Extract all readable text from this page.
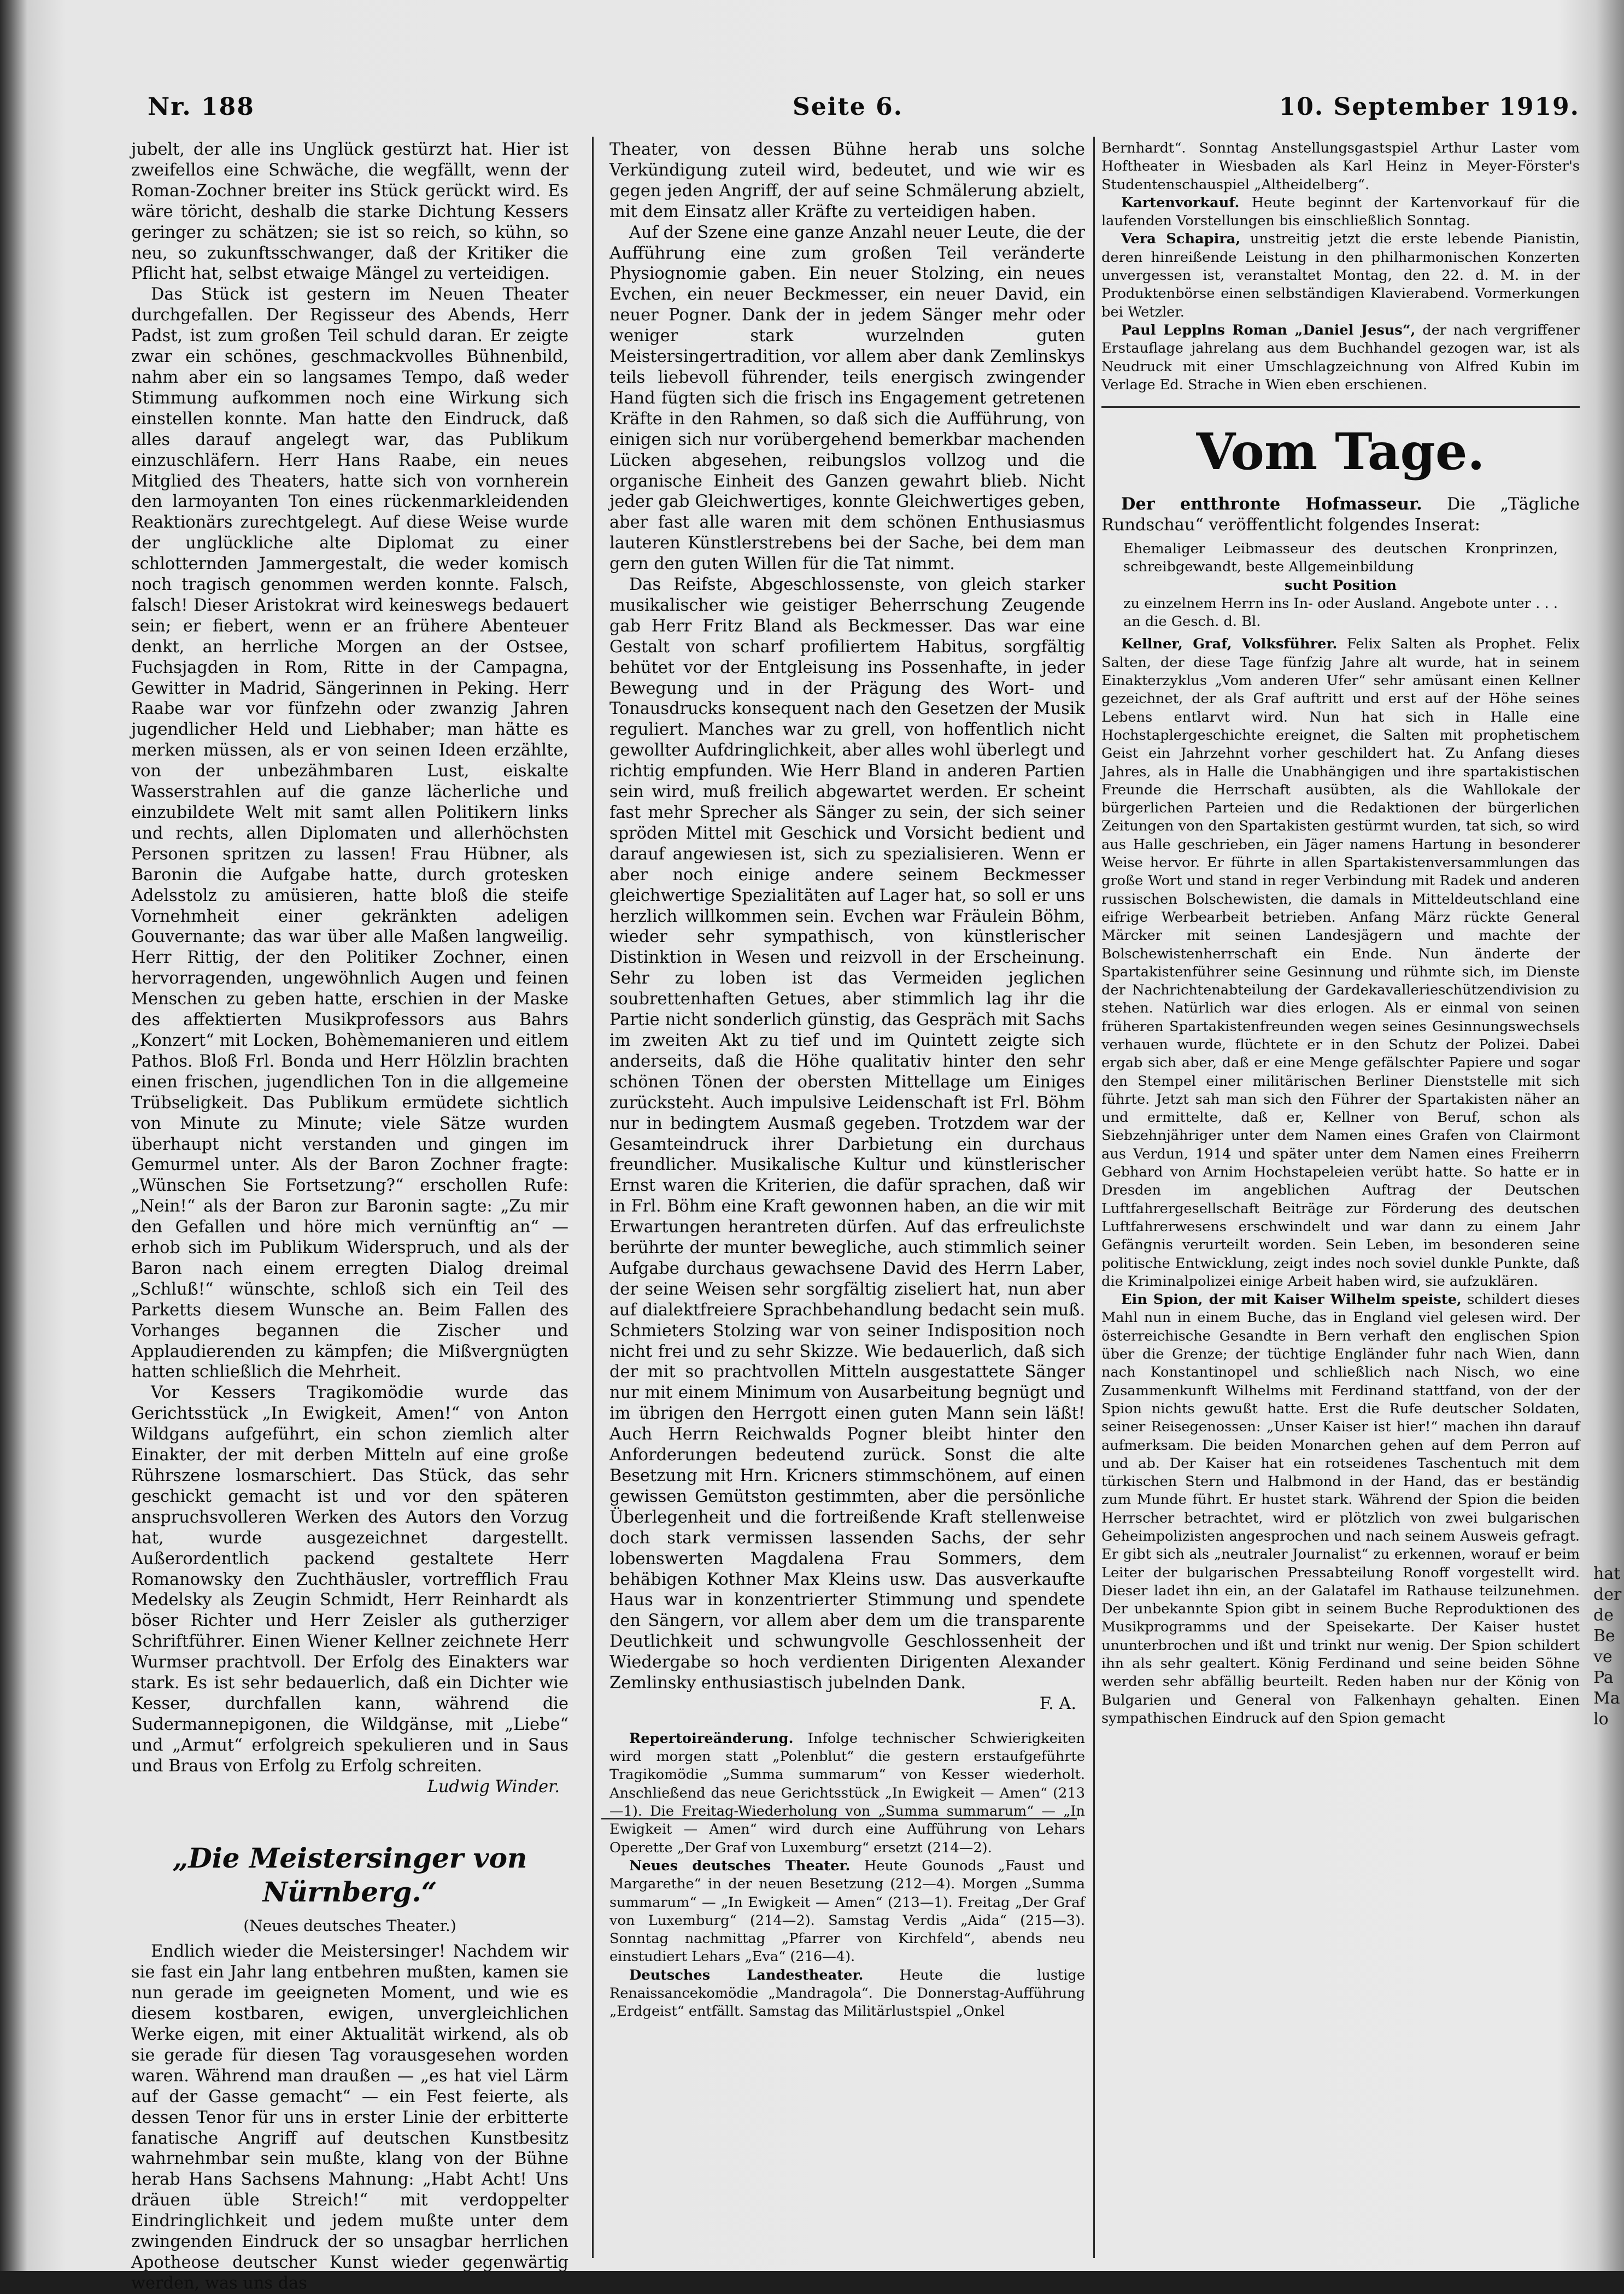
Nr. 188	Seite 6.	10. September 1919.

jubelt, der alle ins Unglück gestürzt hat. Hier ist zweifellos eine Schwäche, die wegfällt, wenn der Roman-Zochner breiter ins Stück gerückt wird. Es wäre töricht, deshalb die starke Dichtung Kessers geringer zu schätzen; sie ist so reich, so kühn, so neu, so zukunftsschwanger, daß der Kritiker die Pflicht hat, selbst etwaige Mängel zu verteidigen.

Das Stück ist gestern im Neuen Theater durchgefallen. Der Regisseur des Abends, Herr Padst, ist zum großen Teil schuld daran. Er zeigte zwar ein schönes, geschmackvolles Bühnenbild, nahm aber ein so langsames Tempo, daß weder Stimmung aufkommen noch eine Wirkung sich einstellen konnte. Man hatte den Eindruck, daß alles darauf angelegt war, das Publikum einzuschläfern. Herr Hans Raabe, ein neues Mitglied des Theaters, hatte sich von vornherein den larmoyanten Ton eines rückenmarkleidenden Reaktionärs zurechtgelegt. Auf diese Weise wurde der unglückliche alte Diplomat zu einer schlotternden Jammergestalt, die weder komisch noch tragisch genommen werden konnte. Falsch, falsch! Dieser Aristokrat wird keineswegs bedauert sein; er fiebert, wenn er an frühere Abenteuer denkt, an herrliche Morgen an der Ostsee, Fuchsjagden in Rom, Ritte in der Campagna, Gewitter in Madrid, Sängerinnen in Peking. Herr Raabe war vor fünfzehn oder zwanzig Jahren jugendlicher Held und Liebhaber; man hätte es merken müssen, als er von seinen Ideen erzählte, von der unbezähmbaren Lust, eiskalte Wasserstrahlen auf die ganze lächerliche und einzubildete Welt mit samt allen Politikern links und rechts, allen Diplomaten und allerhöchsten Personen spritzen zu lassen! Frau Hübner, als Baronin die Aufgabe hatte, durch grotesken Adelsstolz zu amüsieren, hatte bloß die steife Vornehmheit einer gekränkten adeligen Gouvernante; das war über alle Maßen langweilig. Herr Rittig, der den Politiker Zochner, einen hervorragenden, ungewöhnlich Augen und feinen Menschen zu geben hatte, erschien in der Maske des affektierten Musikprofessors aus Bahrs „Konzert“ mit Locken, Bohèmemanieren und eitlem Pathos. Bloß Frl. Bonda und Herr Hölzlin brachten einen frischen, jugendlichen Ton in die allgemeine Trübseligkeit. Das Publikum ermüdete sichtlich von Minute zu Minute; viele Sätze wurden überhaupt nicht verstanden und gingen im Gemurmel unter. Als der Baron Zochner fragte: „Wünschen Sie Fortsetzung?“ erschollen Rufe: „Nein!“ als der Baron zur Baronin sagte: „Zu mir den Gefallen und höre mich vernünftig an“ — erhob sich im Publikum Widerspruch, und als der Baron nach einem erregten Dialog dreimal „Schluß!“ wünschte, schloß sich ein Teil des Parketts diesem Wunsche an. Beim Fallen des Vorhanges begannen die Zischer und Applaudierenden zu kämpfen; die Mißvergnügten hatten schließlich die Mehrheit.

Vor Kessers Tragikomödie wurde das Gerichtsstück „In Ewigkeit, Amen!“ von Anton Wildgans aufgeführt, ein schon ziemlich alter Einakter, der mit derben Mitteln auf eine große Rührszene losmarschiert. Das Stück, das sehr geschickt gemacht ist und vor den späteren anspruchsvolleren Werken des Autors den Vorzug hat, wurde ausgezeichnet dargestellt. Außerordentlich packend gestaltete Herr Romanowsky den Zuchthäusler, vortrefflich Frau Medelsky als Zeugin Schmidt, Herr Reinhardt als böser Richter und Herr Zeisler als gutherziger Schriftführer. Einen Wiener Kellner zeichnete Herr Wurmser prachtvoll. Der Erfolg des Einakters war stark. Es ist sehr bedauerlich, daß ein Dichter wie Kesser, durchfallen kann, während die Sudermannepigonen, die Wildgänse, mit „Liebe“ und „Armut“ erfolgreich spekulieren und in Saus und Braus von Erfolg zu Erfolg schreiten.

Ludwig Winder.

„Die Meistersinger von Nürnberg.“
(Neues deutsches Theater.)

Endlich wieder die Meistersinger! Nachdem wir sie fast ein Jahr lang entbehren mußten, kamen sie nun gerade im geeigneten Moment, und wie es diesem kostbaren, ewigen, unvergleichlichen Werke eigen, mit einer Aktualität wirkend, als ob sie gerade für diesen Tag vorausgesehen worden waren. Während man draußen — „es hat viel Lärm auf der Gasse gemacht“ — ein Fest feierte, als dessen Tenor für uns in erster Linie der erbitterte fanatische Angriff auf deutschen Kunstbesitz wahrnehmbar sein mußte, klang von der Bühne herab Hans Sachsens Mahnung: „Habt Acht! Uns dräuen üble Streich!“ mit verdoppelter Eindringlichkeit und jedem mußte unter dem zwingenden Eindruck der so unsagbar herrlichen Apotheose deutscher Kunst wieder gegenwärtig werden, was uns das

Theater, von dessen Bühne herab uns solche Verkündigung zuteil wird, bedeutet, und wie wir es gegen jeden Angriff, der auf seine Schmälerung abzielt, mit dem Einsatz aller Kräfte zu verteidigen haben.

Auf der Szene eine ganze Anzahl neuer Leute, die der Aufführung eine zum großen Teil veränderte Physiognomie gaben. Ein neuer Stolzing, ein neues Evchen, ein neuer Beckmesser, ein neuer David, ein neuer Pogner. Dank der in jedem Sänger mehr oder weniger stark wurzelnden guten Meistersingertradition, vor allem aber dank Zemlinskys teils liebevoll führender, teils energisch zwingender Hand fügten sich die frisch ins Engagement getretenen Kräfte in den Rahmen, so daß sich die Aufführung, von einigen sich nur vorübergehend bemerkbar machenden Lücken abgesehen, reibungslos vollzog und die organische Einheit des Ganzen gewahrt blieb. Nicht jeder gab Gleichwertiges, konnte Gleichwertiges geben, aber fast alle waren mit dem schönen Enthusiasmus lauteren Künstlerstrebens bei der Sache, bei dem man gern den guten Willen für die Tat nimmt.

Das Reifste, Abgeschlossenste, von gleich starker musikalischer wie geistiger Beherrschung Zeugende gab Herr Fritz Bland als Beckmesser. Das war eine Gestalt von scharf profiliertem Habitus, sorgfältig behütet vor der Entgleisung ins Possenhafte, in jeder Bewegung und in der Prägung des Wort- und Tonausdrucks konsequent nach den Gesetzen der Musik reguliert. Manches war zu grell, von hoffentlich nicht gewollter Aufdringlichkeit, aber alles wohl überlegt und richtig empfunden. Wie Herr Bland in anderen Partien sein wird, muß freilich abgewartet werden. Er scheint fast mehr Sprecher als Sänger zu sein, der sich seiner spröden Mittel mit Geschick und Vorsicht bedient und darauf angewiesen ist, sich zu spezialisieren. Wenn er aber noch einige andere seinem Beckmesser gleichwertige Spezialitäten auf Lager hat, so soll er uns herzlich willkommen sein. Evchen war Fräulein Böhm, wieder sehr sympathisch, von künstlerischer Distinktion in Wesen und reizvoll in der Erscheinung. Sehr zu loben ist das Vermeiden jeglichen soubrettenhaften Getues, aber stimmlich lag ihr die Partie nicht sonderlich günstig, das Gespräch mit Sachs im zweiten Akt zu tief und im Quintett zeigte sich anderseits, daß die Höhe qualitativ hinter den sehr schönen Tönen der obersten Mittellage um Einiges zurücksteht. Auch impulsive Leidenschaft ist Frl. Böhm nur in bedingtem Ausmaß gegeben. Trotzdem war der Gesamteindruck ihrer Darbietung ein durchaus freundlicher. Musikalische Kultur und künstlerischer Ernst waren die Kriterien, die dafür sprachen, daß wir in Frl. Böhm eine Kraft gewonnen haben, an die wir mit Erwartungen herantreten dürfen. Auf das erfreulichste berührte der munter bewegliche, auch stimmlich seiner Aufgabe durchaus gewachsene David des Herrn Laber, der seine Weisen sehr sorgfältig ziseliert hat, nun aber auf dialektfreiere Sprachbehandlung bedacht sein muß. Schmieters Stolzing war von seiner Indisposition noch nicht frei und zu sehr Skizze. Wie bedauerlich, daß sich der mit so prachtvollen Mitteln ausgestattete Sänger nur mit einem Minimum von Ausarbeitung begnügt und im übrigen den Herrgott einen guten Mann sein läßt! Auch Herrn Reichwalds Pogner bleibt hinter den Anforderungen bedeutend zurück. Sonst die alte Besetzung mit Hrn. Kricners stimmschönem, auf einen gewissen Gemütston gestimmten, aber die persönliche Überlegenheit und die fortreißende Kraft stellenweise doch stark vermissen lassenden Sachs, der sehr lobenswerten Magdalena Frau Sommers, dem behäbigen Kothner Max Kleins usw. Das ausverkaufte Haus war in konzentrierter Stimmung und spendete den Sängern, vor allem aber dem um die transparente Deutlichkeit und schwungvolle Geschlossenheit der Wiedergabe so hoch verdienten Dirigenten Alexander Zemlinsky enthusiastisch jubelnden Dank.

F. A.

Repertoireänderung. Infolge technischer Schwierigkeiten wird morgen statt „Polenblut“ die gestern erstaufgeführte Tragikomödie „Summa summarum“ von Kesser wiederholt. Anschließend das neue Gerichtsstück „In Ewigkeit — Amen“ (213—1). Die Freitag-Wiederholung von „Summa summarum“ — „In Ewigkeit — Amen“ wird durch eine Aufführung von Lehars Operette „Der Graf von Luxemburg“ ersetzt (214—2).

Neues deutsches Theater. Heute Gounods „Faust und Margarethe“ in der neuen Besetzung (212—4). Morgen „Summa summarum“ — „In Ewigkeit — Amen“ (213—1). Freitag „Der Graf von Luxemburg“ (214—2). Samstag Verdis „Aida“ (215—3). Sonntag nachmittag „Pfarrer von Kirchfeld“, abends neu einstudiert Lehars „Eva“ (216—4).

Deutsches Landestheater. Heute die lustige Renaissancekomödie „Mandragola“. Die Donnerstag-Aufführung „Erdgeist“ entfällt. Samstag das Militärlustspiel „Onkel

Bernhardt“. Sonntag Anstellungsgastspiel Arthur Laster vom Hoftheater in Wiesbaden als Karl Heinz in Meyer-Förster's Studentenschauspiel „Altheidelberg“.

Kartenvorkauf. Heute beginnt der Kartenvorkauf für die laufenden Vorstellungen bis einschließlich Sonntag.

Vera Schapira, unstreitig jetzt die erste lebende Pianistin, deren hinreißende Leistung in den philharmonischen Konzerten unvergessen ist, veranstaltet Montag, den 22. d. M. in der Produktenbörse einen selbständigen Klavierabend. Vormerkungen bei Wetzler.

Paul Lepplns Roman „Daniel Jesus“, der nach vergriffener Erstauflage jahrelang aus dem Buchhandel gezogen war, ist als Neudruck mit einer Umschlagzeichnung von Alfred Kubin im Verlage Ed. Strache in Wien eben erschienen.

Vom Tage.

Der entthronte Hofmasseur. Die „Tägliche Rundschau“ veröffentlicht folgendes Inserat:

Ehemaliger Leibmasseur des deutschen Kronprinzen, schreibgewandt, beste Allgemeinbildung

sucht Position

zu einzelnem Herrn ins In- oder Ausland. Angebote unter . . . an die Gesch. d. Bl.

Kellner, Graf, Volksführer. Felix Salten als Prophet. Felix Salten, der diese Tage fünfzig Jahre alt wurde, hat in seinem Einakterzyklus „Vom anderen Ufer“ sehr amüsant einen Kellner gezeichnet, der als Graf auftritt und erst auf der Höhe seines Lebens entlarvt wird. Nun hat sich in Halle eine Hochstaplergeschichte ereignet, die Salten mit prophetischem Geist ein Jahrzehnt vorher geschildert hat. Zu Anfang dieses Jahres, als in Halle die Unabhängigen und ihre spartakistischen Freunde die Herrschaft ausübten, als die Wahllokale der bürgerlichen Parteien und die Redaktionen der bürgerlichen Zeitungen von den Spartakisten gestürmt wurden, tat sich, so wird aus Halle geschrieben, ein Jäger namens Hartung in besonderer Weise hervor. Er führte in allen Spartakistenversammlungen das große Wort und stand in reger Verbindung mit Radek und anderen russischen Bolschewisten, die damals in Mitteldeutschland eine eifrige Werbearbeit betrieben. Anfang März rückte General Märcker mit seinen Landesjägern und machte der Bolschewistenherrschaft ein Ende. Nun änderte der Spartakistenführer seine Gesinnung und rühmte sich, im Dienste der Nachrichtenabteilung der Gardekavallerieschützendivision zu stehen. Natürlich war dies erlogen. Als er einmal von seinen früheren Spartakistenfreunden wegen seines Gesinnungswechsels verhauen wurde, flüchtete er in den Schutz der Polizei. Dabei ergab sich aber, daß er eine Menge gefälschter Papiere und sogar den Stempel einer militärischen Berliner Dienststelle mit sich führte. Jetzt sah man sich den Führer der Spartakisten näher an und ermittelte, daß er, Kellner von Beruf, schon als Siebzehnjähriger unter dem Namen eines Grafen von Clairmont aus Verdun, 1914 und später unter dem Namen eines Freiherrn Gebhard von Arnim Hochstapeleien verübt hatte. So hatte er in Dresden im angeblichen Auftrag der Deutschen Luftfahrergesellschaft Beiträge zur Förderung des deutschen Luftfahrerwesens erschwindelt und war dann zu einem Jahr Gefängnis verurteilt worden. Sein Leben, im besonderen seine politische Entwicklung, zeigt indes noch soviel dunkle Punkte, daß die Kriminalpolizei einige Arbeit haben wird, sie aufzuklären.

Ein Spion, der mit Kaiser Wilhelm speiste, schildert dieses Mahl nun in einem Buche, das in England viel gelesen wird. Der österreichische Gesandte in Bern verhaft den englischen Spion über die Grenze; der tüchtige Engländer fuhr nach Wien, dann nach Konstantinopel und schließlich nach Nisch, wo eine Zusammenkunft Wilhelms mit Ferdinand stattfand, von der der Spion nichts gewußt hatte. Erst die Rufe deutscher Soldaten, seiner Reisegenossen: „Unser Kaiser ist hier!“ machen ihn darauf aufmerksam. Die beiden Monarchen gehen auf dem Perron auf und ab. Der Kaiser hat ein rotseidenes Taschentuch mit dem türkischen Stern und Halbmond in der Hand, das er beständig zum Munde führt. Er hustet stark. Während der Spion die beiden Herrscher betrachtet, wird er plötzlich von zwei bulgarischen Geheimpolizisten angesprochen und nach seinem Ausweis gefragt. Er gibt sich als „neutraler Journalist“ zu erkennen, worauf er beim Leiter der bulgarischen Pressabteilung Ronoff vorgestellt wird. Dieser ladet ihn ein, an der Galatafel im Rathause teilzunehmen. Der unbekannte Spion gibt in seinem Buche Reproduktionen des Musikprogramms und der Speisekarte. Der Kaiser hustet ununterbrochen und ißt und trinkt nur wenig. Der Spion schildert ihn als sehr gealtert. König Ferdinand und seine beiden Söhne werden sehr abfällig beurteilt. Reden haben nur der König von Bulgarien und General von Falkenhayn gehalten. Einen sympathischen Eindruck auf den Spion gemacht

hat
der
de
Be
ve
Pa
Ma
lo
